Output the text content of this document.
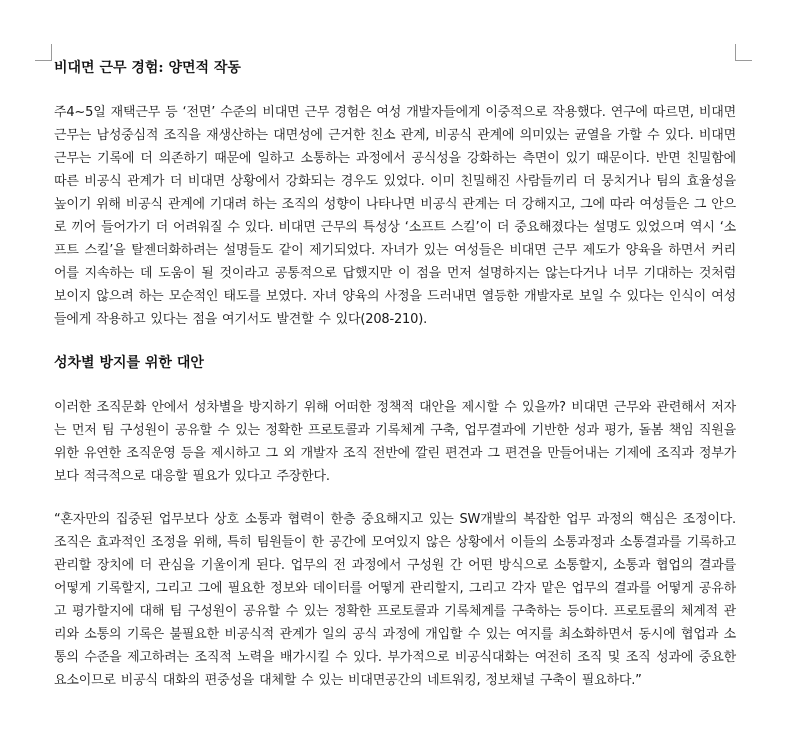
비대면 근무 경험: 양면적 작동

주4~5일 재택근무 등 ‘전면’ 수준의 비대면 근무 경험은 여성 개발자들에게 이중적으로 작용했다. 연구에 따르면, 비대면 근무는 남성중심적 조직을 재생산하는 대면성에 근거한 친소 관계, 비공식 관계에 의미있는 균열을 가할 수 있다. 비대면 근무는 기록에 더 의존하기 때문에 일하고 소통하는 과정에서 공식성을 강화하는 측면이 있기 때문이다. 반면 친밀함에 따른 비공식 관계가 더 비대면 상황에서 강화되는 경우도 있었다. 이미 친밀해진 사람들끼리 더 뭉치거나 팀의 효율성을 높이기 위해 비공식 관계에 기대려 하는 조직의 성향이 나타나면 비공식 관계는 더 강해지고, 그에 따라 여성들은 그 안으로 끼어 들어가기 더 어려워질 수 있다. 비대면 근무의 특성상 ‘소프트 스킬’이 더 중요해졌다는 설명도 있었으며 역시 ‘소프트 스킬’을 탈젠더화하려는 설명들도 같이 제기되었다. 자녀가 있는 여성들은 비대면 근무 제도가 양육을 하면서 커리어를 지속하는 데 도움이 될 것이라고 공통적으로 답했지만 이 점을 먼저 설명하지는 않는다거나 너무 기대하는 것처럼 보이지 않으려 하는 모순적인 태도를 보였다. 자녀 양육의 사정을 드러내면 열등한 개발자로 보일 수 있다는 인식이 여성들에게 작용하고 있다는 점을 여기서도 발견할 수 있다(208-210).

성차별 방지를 위한 대안

이러한 조직문화 안에서 성차별을 방지하기 위해 어떠한 정책적 대안을 제시할 수 있을까? 비대면 근무와 관련해서 저자는 먼저 팀 구성원이 공유할 수 있는 정확한 프로토콜과 기록체계 구축, 업무결과에 기반한 성과 평가, 돌봄 책임 직원을 위한 유연한 조직운영 등을 제시하고 그 외 개발자 조직 전반에 깔린 편견과 그 편견을 만들어내는 기제에 조직과 정부가 보다 적극적으로 대응할 필요가 있다고 주장한다.

“혼자만의 집중된 업무보다 상호 소통과 협력이 한층 중요해지고 있는 SW개발의 복잡한 업무 과정의 핵심은 조정이다. 조직은 효과적인 조정을 위해, 특히 팀원들이 한 공간에 모여있지 않은 상황에서 이들의 소통과정과 소통결과를 기록하고 관리할 장치에 더 관심을 기울이게 된다. 업무의 전 과정에서 구성원 간 어떤 방식으로 소통할지, 소통과 협업의 결과를 어떻게 기록할지, 그리고 그에 필요한 정보와 데이터를 어떻게 관리할지, 그리고 각자 맡은 업무의 결과를 어떻게 공유하고 평가할지에 대해 팀 구성원이 공유할 수 있는 정확한 프로토콜과 기록체계를 구축하는 등이다. 프로토콜의 체계적 관리와 소통의 기록은 불필요한 비공식적 관계가 일의 공식 과정에 개입할 수 있는 여지를 최소화하면서 동시에 협업과 소통의 수준을 제고하려는 조직적 노력을 배가시킬 수 있다. 부가적으로 비공식대화는 여전히 조직 및 조직 성과에 중요한 요소이므로 비공식 대화의 편중성을 대체할 수 있는 비대면공간의 네트워킹, 정보채널 구축이 필요하다.”
